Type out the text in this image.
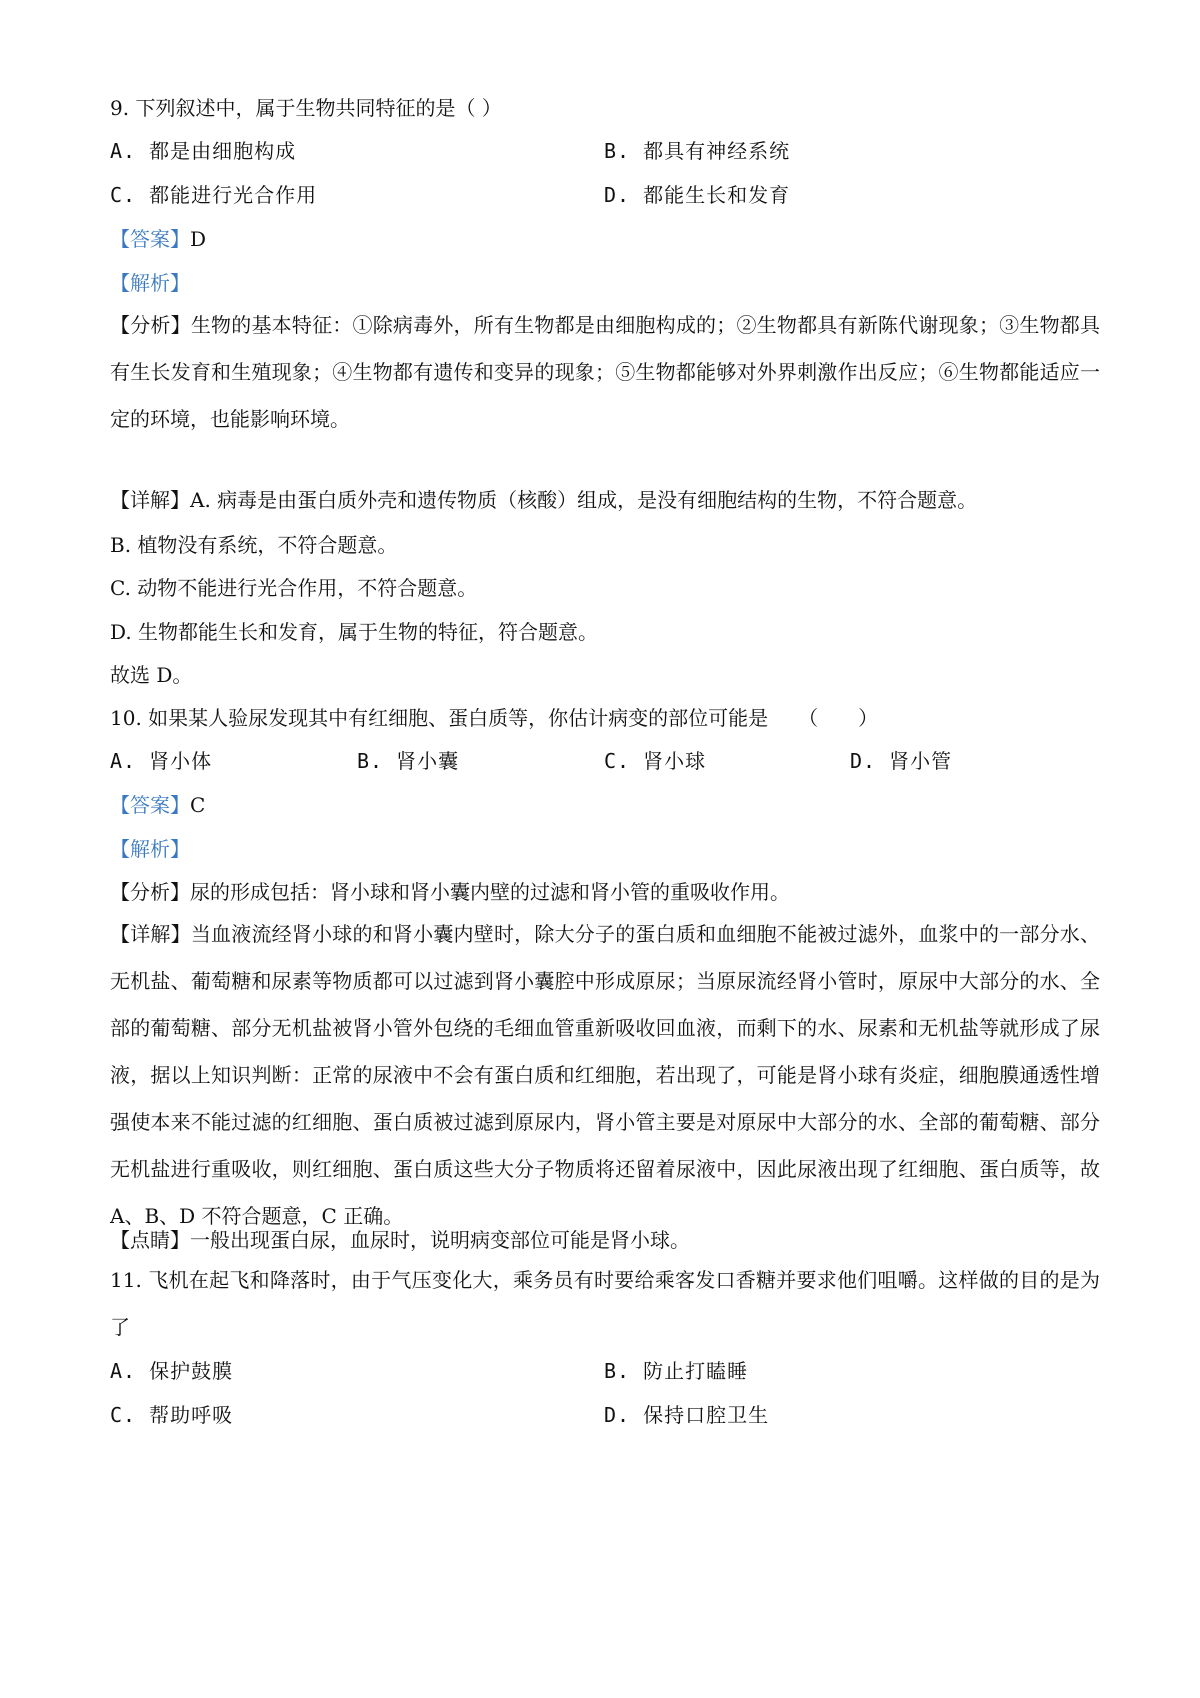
9. 下列叙述中，属于生物共同特征的是（ ）
A. 都是由细胞构成	B. 都具有神经系统
C. 都能进行光合作用	D. 都能生长和发育
【答案】D
【解析】
【分析】生物的基本特征：①除病毒外，所有生物都是由细胞构成的；②生物都具有新陈代谢现象；③生物都具有生长发育和生殖现象；④生物都有遗传和变异的现象；⑤生物都能够对外界刺激作出反应；⑥生物都能适应一定的环境，也能影响环境。
【详解】A. 病毒是由蛋白质外壳和遗传物质（核酸）组成，是没有细胞结构的生物，不符合题意。
B. 植物没有系统，不符合题意。
C. 动物不能进行光合作用，不符合题意。
D. 生物都能生长和发育，属于生物的特征，符合题意。
故选 D。
10. 如果某人验尿发现其中有红细胞、蛋白质等，你估计病变的部位可能是　　（　　）
A. 肾小体	B. 肾小囊	C. 肾小球	D. 肾小管
【答案】C
【解析】
【分析】尿的形成包括：肾小球和肾小囊内壁的过滤和肾小管的重吸收作用。
【详解】当血液流经肾小球的和肾小囊内壁时，除大分子的蛋白质和血细胞不能被过滤外，血浆中的一部分水、无机盐、葡萄糖和尿素等物质都可以过滤到肾小囊腔中形成原尿；当原尿流经肾小管时，原尿中大部分的水、全部的葡萄糖、部分无机盐被肾小管外包绕的毛细血管重新吸收回血液，而剩下的水、尿素和无机盐等就形成了尿液，据以上知识判断：正常的尿液中不会有蛋白质和红细胞，若出现了，可能是肾小球有炎症，细胞膜通透性增强使本来不能过滤的红细胞、蛋白质被过滤到原尿内，肾小管主要是对原尿中大部分的水、全部的葡萄糖、部分无机盐进行重吸收，则红细胞、蛋白质这些大分子物质将还留着尿液中，因此尿液出现了红细胞、蛋白质等，故 A、B、D 不符合题意，C 正确。
【点睛】一般出现蛋白尿，血尿时，说明病变部位可能是肾小球。
11. 飞机在起飞和降落时，由于气压变化大，乘务员有时要给乘客发口香糖并要求他们咀嚼。这样做的目的是为了
A. 保护鼓膜	B. 防止打瞌睡
C. 帮助呼吸	D. 保持口腔卫生
